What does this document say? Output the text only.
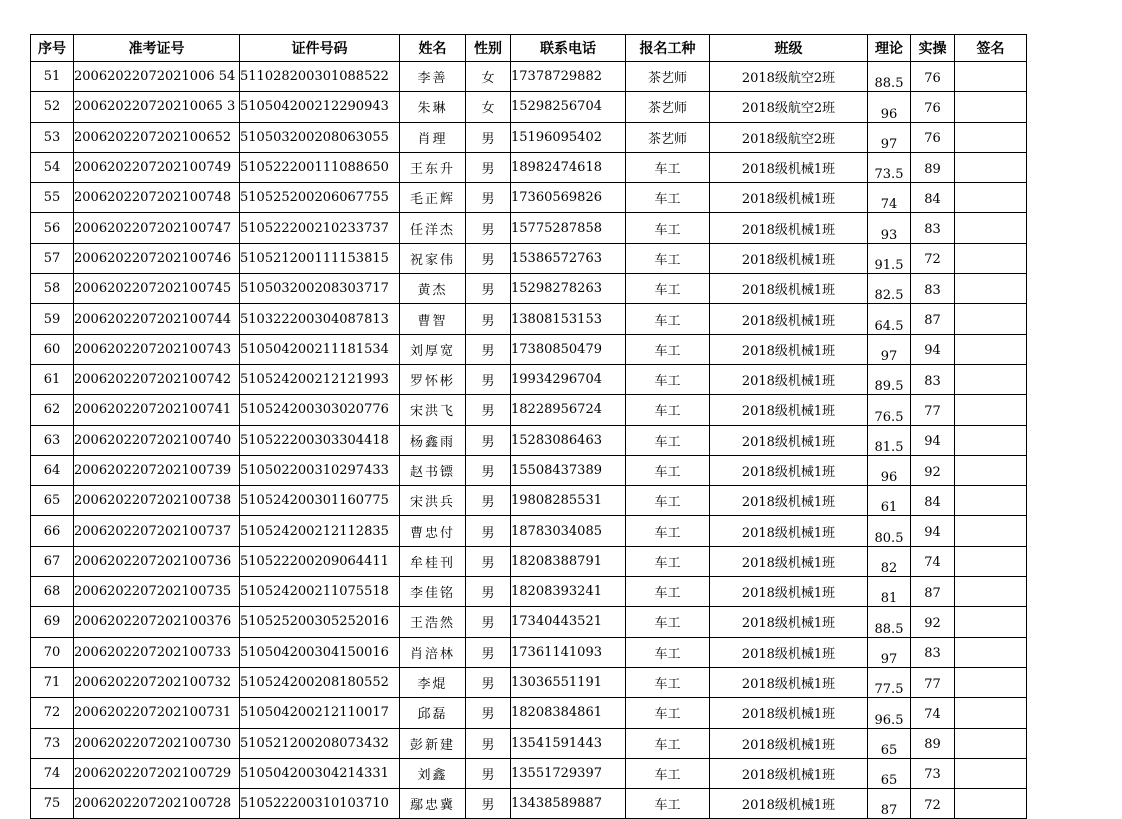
序号	准考证号	证件号码	姓名	性别	联系电话	报名工种	班级	理论	实操	签名
51	20062022072021006 54	511028200301088522	李善	女	17378729882	茶艺师	2018级航空2班	88.5	76	
52	200620220720210065 3	510504200212290943	朱琳	女	15298256704	茶艺师	2018级航空2班	96	76	
53	2006202207202100652	510503200208063055	肖理	男	15196095402	茶艺师	2018级航空2班	97	76	
54	2006202207202100749	510522200111088650	王东升	男	18982474618	车工	2018级机械1班	73.5	89	
55	2006202207202100748	510525200206067755	毛正辉	男	17360569826	车工	2018级机械1班	74	84	
56	2006202207202100747	510522200210233737	任洋杰	男	15775287858	车工	2018级机械1班	93	83	
57	2006202207202100746	510521200111153815	祝家伟	男	15386572763	车工	2018级机械1班	91.5	72	
58	2006202207202100745	510503200208303717	黄杰	男	15298278263	车工	2018级机械1班	82.5	83	
59	2006202207202100744	510322200304087813	曹智	男	13808153153	车工	2018级机械1班	64.5	87	
60	2006202207202100743	510504200211181534	刘厚宽	男	17380850479	车工	2018级机械1班	97	94	
61	2006202207202100742	510524200212121993	罗怀彬	男	19934296704	车工	2018级机械1班	89.5	83	
62	2006202207202100741	510524200303020776	宋洪飞	男	18228956724	车工	2018级机械1班	76.5	77	
63	2006202207202100740	510522200303304418	杨鑫雨	男	15283086463	车工	2018级机械1班	81.5	94	
64	2006202207202100739	510502200310297433	赵书镖	男	15508437389	车工	2018级机械1班	96	92	
65	2006202207202100738	510524200301160775	宋洪兵	男	19808285531	车工	2018级机械1班	61	84	
66	2006202207202100737	510524200212112835	曹忠付	男	18783034085	车工	2018级机械1班	80.5	94	
67	2006202207202100736	510522200209064411	牟桂刊	男	18208388791	车工	2018级机械1班	82	74	
68	2006202207202100735	510524200211075518	李佳铭	男	18208393241	车工	2018级机械1班	81	87	
69	2006202207202100376	510525200305252016	王浩然	男	17340443521	车工	2018级机械1班	88.5	92	
70	2006202207202100733	510504200304150016	肖涪林	男	17361141093	车工	2018级机械1班	97	83	
71	2006202207202100732	510524200208180552	李焜	男	13036551191	车工	2018级机械1班	77.5	77	
72	2006202207202100731	510504200212110017	邱磊	男	18208384861	车工	2018级机械1班	96.5	74	
73	2006202207202100730	510521200208073432	彭新建	男	13541591443	车工	2018级机械1班	65	89	
74	2006202207202100729	510504200304214331	刘鑫	男	13551729397	车工	2018级机械1班	65	73	
75	2006202207202100728	510522200310103710	鄢忠冀	男	13438589887	车工	2018级机械1班	87	72	
